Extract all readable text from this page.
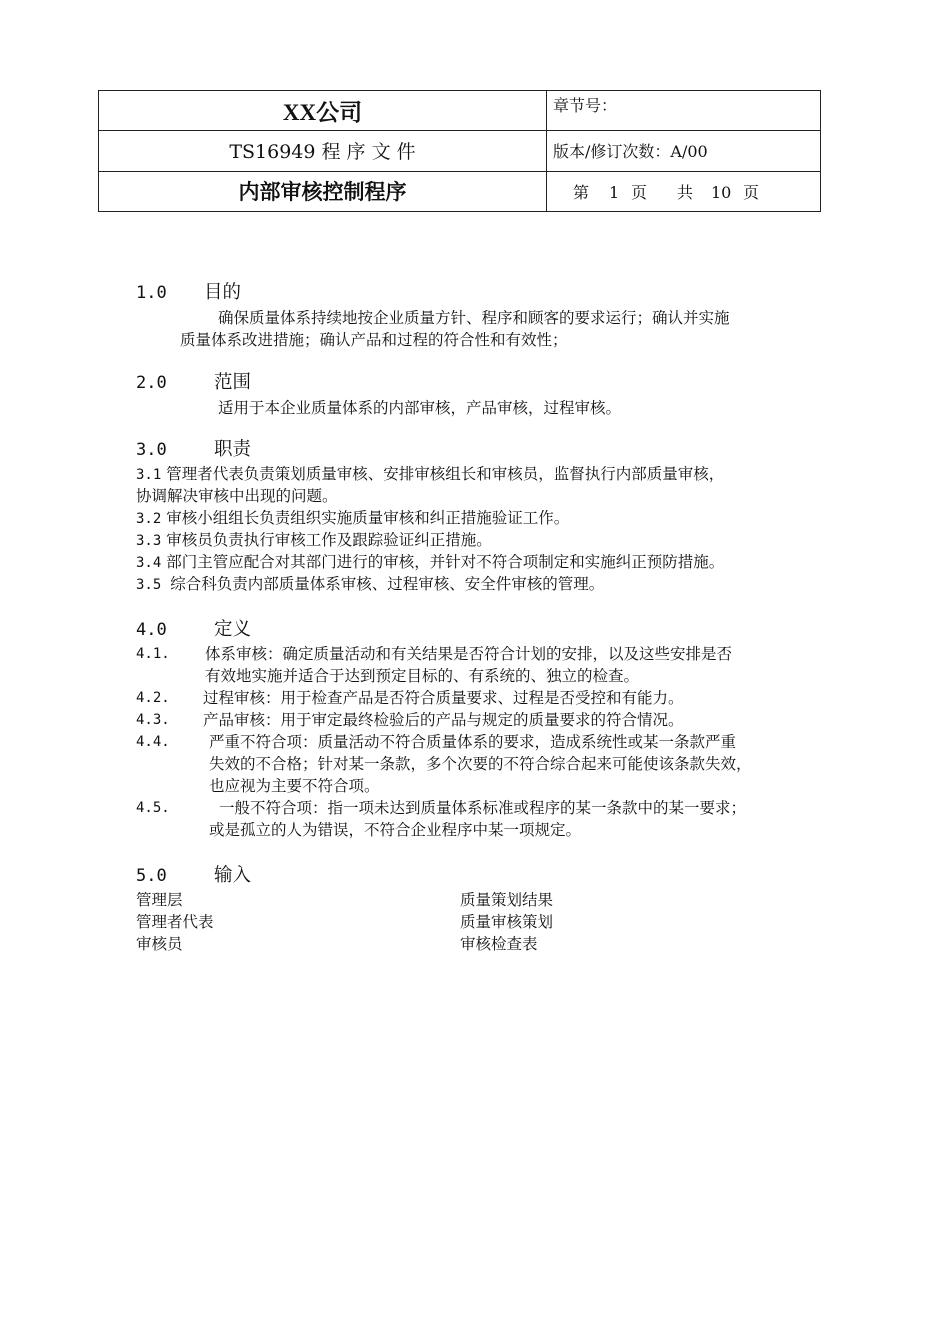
XX公司	章节号：
TS16949 程 序 文 件	版本/修订次数：A/00
内部审核控制程序	第 1 页 共 10 页
1.0 目的
确保质量体系持续地按企业质量方针、程序和顾客的要求运行；确认并实施
质量体系改进措施；确认产品和过程的符合性和有效性；
2.0	范围
适用于本企业质量体系的内部审核，产品审核，过程审核。
3.0	职责
3.1 管理者代表负责策划质量审核、安排审核组长和审核员，监督执行内部质量审核，
协调解决审核中出现的问题。
3.2 审核小组组长负责组织实施质量审核和纠正措施验证工作。
3.3 审核员负责执行审核工作及跟踪验证纠正措施。
3.4 部门主管应配合对其部门进行的审核，并针对不符合项制定和实施纠正预防措施。
3.5 综合科负责内部质量体系审核、过程审核、安全件审核的管理。
4.0	定义
4.1. 体系审核：确定质量活动和有关结果是否符合计划的安排，以及这些安排是否
有效地实施并适合于达到预定目标的、有系统的、独立的检查。
4.2. 过程审核：用于检查产品是否符合质量要求、过程是否受控和有能力。
4.3. 产品审核：用于审定最终检验后的产品与规定的质量要求的符合情况。
4.4.	严重不符合项：质量活动不符合质量体系的要求，造成系统性或某一条款严重
失效的不合格；针对某一条款，多个次要的不符合综合起来可能使该条款失效，
也应视为主要不符合项。
4.5.	一般不符合项：指一项未达到质量体系标准或程序的某一条款中的某一要求；
或是孤立的人为错误，不符合企业程序中某一项规定。
5.0	输入
管理层	质量策划结果
管理者代表	质量审核策划
审核员	审核检查表
